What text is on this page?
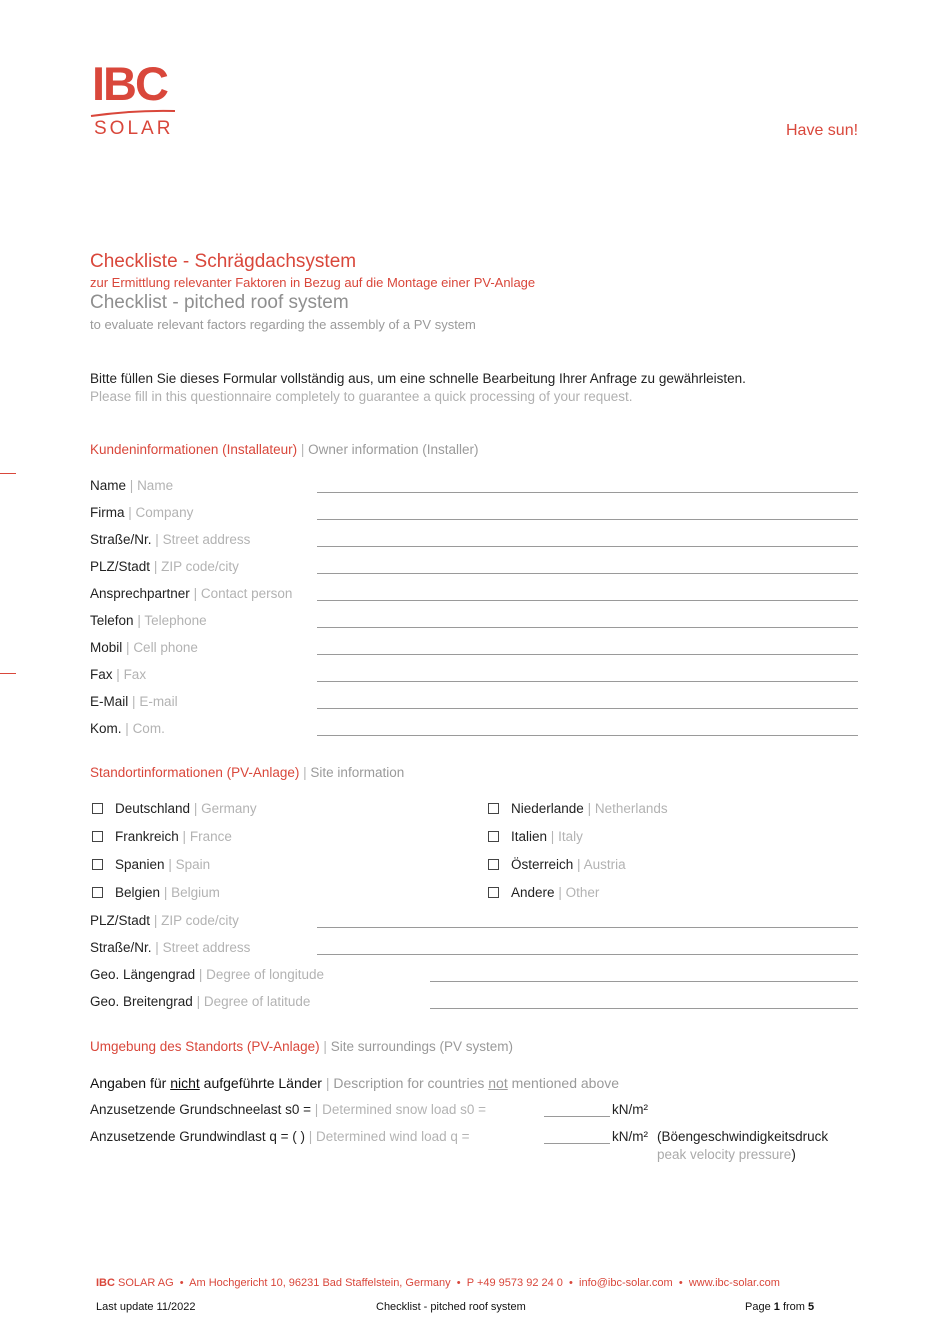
IBC
SOLAR	Have sun!
Checkliste - Schrägdachsystem
zur Ermittlung relevanter Faktoren in Bezug auf die Montage einer PV-Anlage
Checklist - pitched roof system
to evaluate relevant factors regarding the assembly of a PV system
Bitte füllen Sie dieses Formular vollständig aus, um eine schnelle Bearbeitung Ihrer Anfrage zu gewährleisten.
Please fill in this questionnaire completely to guarantee a quick processing of your request.
Kundeninformationen (Installateur) | Owner information (Installer)
Name | Name
Firma | Company
Straße/Nr. | Street address
PLZ/Stadt | ZIP code/city
Ansprechpartner | Contact person
Telefon | Telephone
Mobil | Cell phone
Fax | Fax
E-Mail | E-mail
Kom. | Com.
Standortinformationen (PV-Anlage) | Site information
Deutschland | Germany
Frankreich | France
Spanien | Spain
Belgien | Belgium
Niederlande | Netherlands
Italien | Italy
Österreich | Austria
Andere | Other
PLZ/Stadt | ZIP code/city
Straße/Nr. | Street address
Geo. Längengrad | Degree of longitude
Geo. Breitengrad | Degree of latitude
Umgebung des Standorts (PV-Anlage) | Site surroundings (PV system)
Angaben für nicht aufgeführte Länder | Description for countries not mentioned above
Anzusetzende Grundschneelast s0 = | Determined snow load s0 =	kN/m²
Anzusetzende Grundwindlast q = ( ) | Determined wind load q =	kN/m² (Böengeschwindigkeitsdruck
peak velocity pressure)
IBC SOLAR AG • Am Hochgericht 10, 96231 Bad Staffelstein, Germany • P +49 9573 92 24 0 • info@ibc-solar.com • www.ibc-solar.com
Last update 11/2022	Checklist - pitched roof system	Page 1 from 5
